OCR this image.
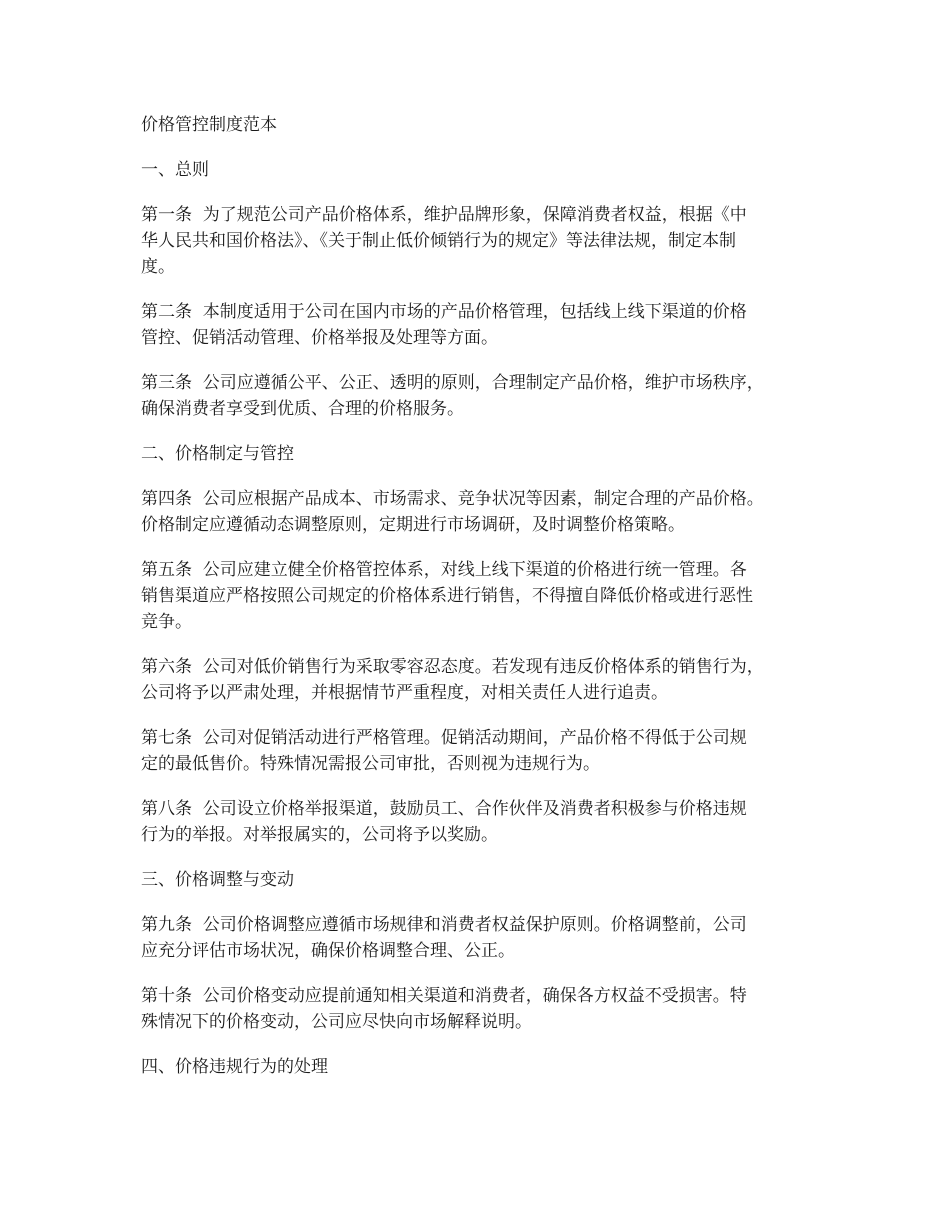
价格管控制度范本

一、总则

第一条  为了规范公司产品价格体系，维护品牌形象，保障消费者权益，根据《中

华人民共和国价格法》、《关于制止低价倾销行为的规定》等法律法规，制定本制

度。

第二条  本制度适用于公司在国内市场的产品价格管理，包括线上线下渠道的价格

管控、促销活动管理、价格举报及处理等方面。

第三条  公司应遵循公平、公正、透明的原则，合理制定产品价格，维护市场秩序，

确保消费者享受到优质、合理的价格服务。

二、价格制定与管控

第四条  公司应根据产品成本、市场需求、竞争状况等因素，制定合理的产品价格。

价格制定应遵循动态调整原则，定期进行市场调研，及时调整价格策略。

第五条  公司应建立健全价格管控体系，对线上线下渠道的价格进行统一管理。各

销售渠道应严格按照公司规定的价格体系进行销售，不得擅自降低价格或进行恶性

竞争。

第六条  公司对低价销售行为采取零容忍态度。若发现有违反价格体系的销售行为，

公司将予以严肃处理，并根据情节严重程度，对相关责任人进行追责。

第七条  公司对促销活动进行严格管理。促销活动期间，产品价格不得低于公司规

定的最低售价。特殊情况需报公司审批，否则视为违规行为。

第八条  公司设立价格举报渠道，鼓励员工、合作伙伴及消费者积极参与价格违规

行为的举报。对举报属实的，公司将予以奖励。

三、价格调整与变动

第九条  公司价格调整应遵循市场规律和消费者权益保护原则。价格调整前，公司

应充分评估市场状况，确保价格调整合理、公正。

第十条  公司价格变动应提前通知相关渠道和消费者，确保各方权益不受损害。特

殊情况下的价格变动，公司应尽快向市场解释说明。

四、价格违规行为的处理
